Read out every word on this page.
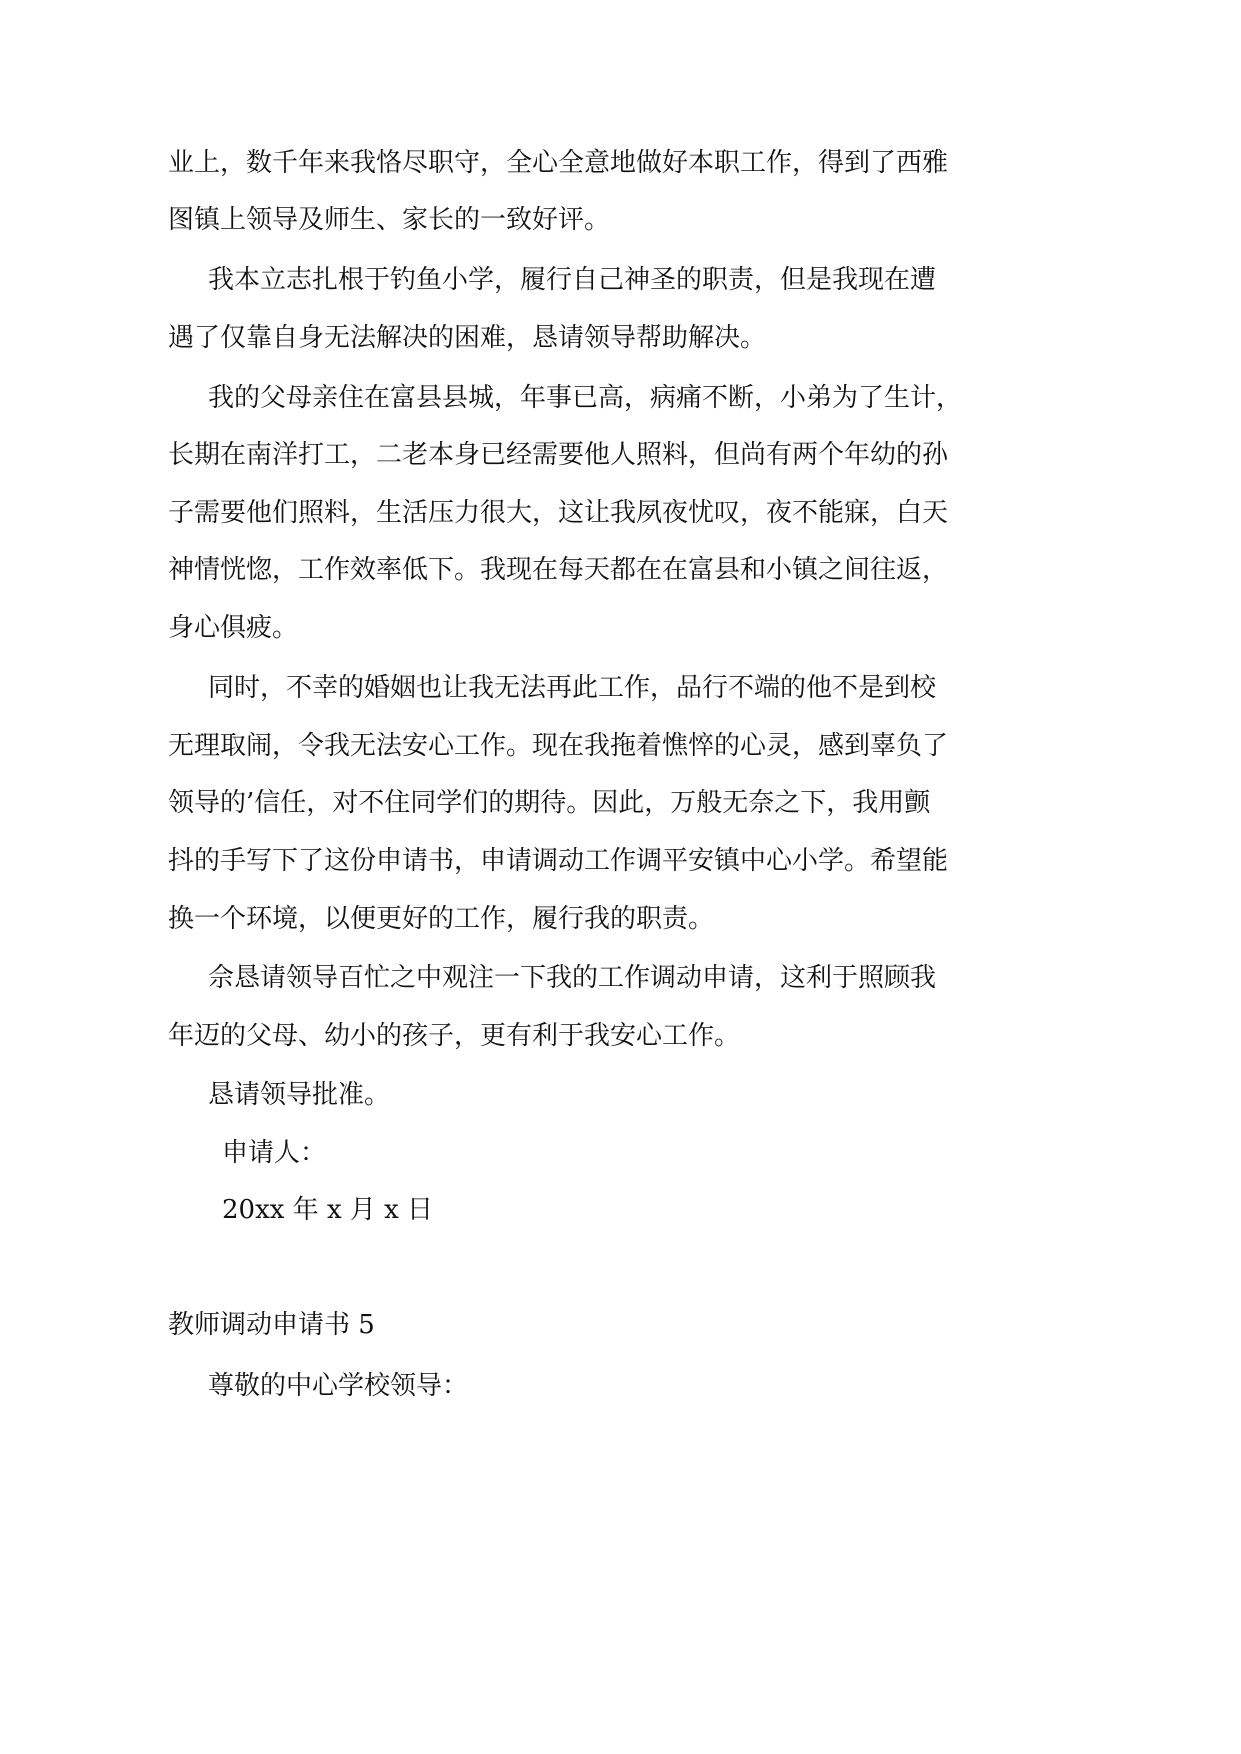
业上，数千年来我恪尽职守，全心全意地做好本职工作，得到了西雅
图镇上领导及师生、家长的一致好评。
我本立志扎根于钓鱼小学，履行自己神圣的职责，但是我现在遭
遇了仅靠自身无法解决的困难，恳请领导帮助解决。
我的父母亲住在富县县城，年事已高，病痛不断，小弟为了生计，
长期在南洋打工，二老本身已经需要他人照料，但尚有两个年幼的孙
子需要他们照料，生活压力很大，这让我夙夜忧叹，夜不能寐，白天
神情恍惚，工作效率低下。我现在每天都在在富县和小镇之间往返，
身心俱疲。
同时，不幸的婚姻也让我无法再此工作，品行不端的他不是到校
无理取闹，令我无法安心工作。现在我拖着憔悴的心灵，感到辜负了
领导的’信任，对不住同学们的期待。因此，万般无奈之下，我用颤
抖的手写下了这份申请书，申请调动工作调平安镇中心小学。希望能
换一个环境，以便更好的工作，履行我的职责。
佘恳请领导百忙之中观注一下我的工作调动申请，这利于照顾我
年迈的父母、幼小的孩子，更有利于我安心工作。
恳请领导批准。
申请人：
20xx 年 x 月 x 日
教师调动申请书 5
尊敬的中心学校领导：
